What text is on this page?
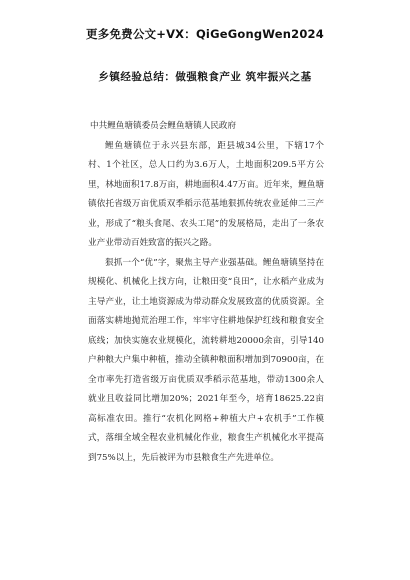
更多免费公文+VX：QiGeGongWen2024
乡镇经验总结：做强粮食产业 筑牢振兴之基

中共鲤鱼塘镇委员会鲤鱼塘镇人民政府

鲤鱼塘镇位于永兴县东部，距县城34公里，下辖17个村、1个社区，总人口约为3.6万人，土地面积209.5平方公里，林地面积17.8万亩，耕地面积4.47万亩。近年来，鲤鱼塘镇依托省级万亩优质双季稻示范基地狠抓传统农业延伸二三产业，形成了“粮头食尾、农头工尾”的发展格局，走出了一条农业产业带动百姓致富的振兴之路。

狠抓一个“优”字，聚焦主导产业强基础。鲤鱼塘镇坚持在规模化、机械化上找方向，让粮田变“良田”，让水稻产业成为主导产业，让土地资源成为带动群众发展致富的优质资源。全面落实耕地抛荒治理工作，牢牢守住耕地保护红线和粮食安全底线；加快实施农业规模化，流转耕地20000余亩，引导140户种粮大户集中种植，推动全镇种粮面积增加到70900亩，在全市率先打造省级万亩优质双季稻示范基地，带动1300余人就业且收益同比增加20%；2021年至今，培育18625.22亩高标准农田。推行“农机化网格+种植大户+农机手”工作模式，落细全域全程农业机械化作业，粮食生产机械化水平提高到75%以上，先后被评为市县粮食生产先进单位。
